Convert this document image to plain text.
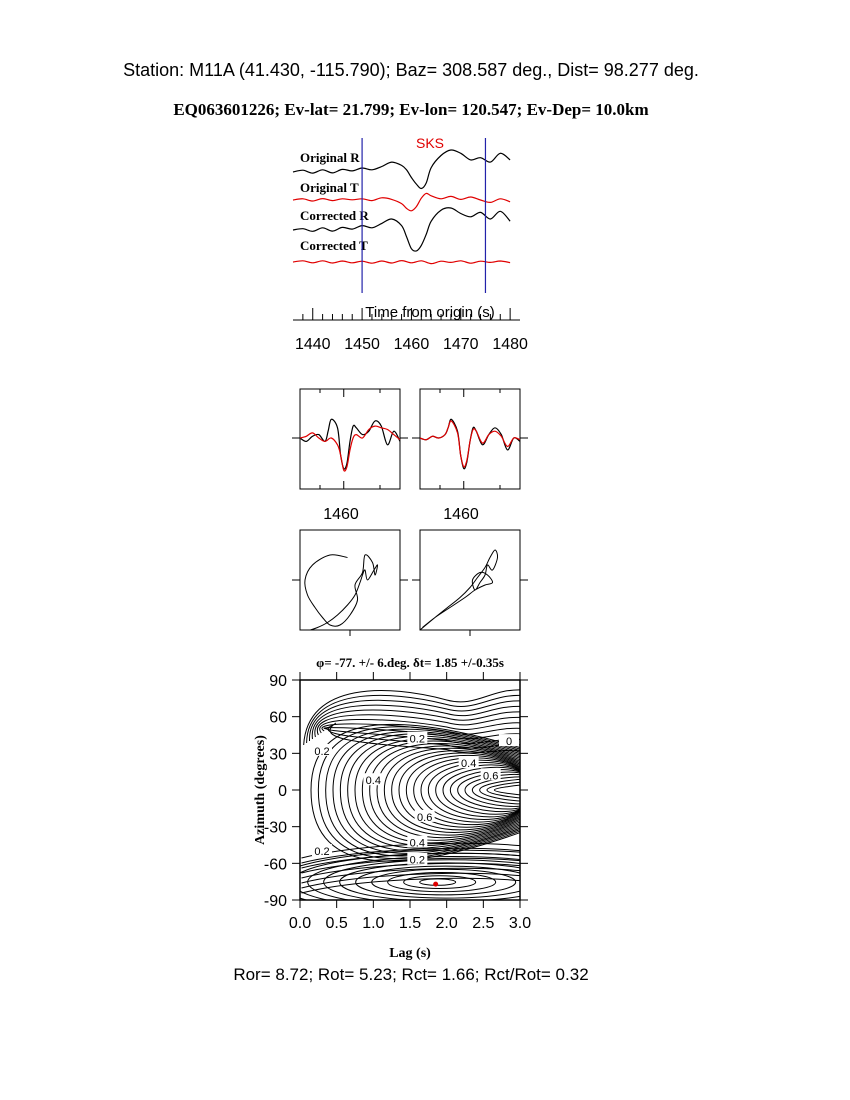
Station: M11A (41.430, -115.790); Baz= 308.587 deg., Dist= 98.277 deg.
EQ063601226; Ev-lat= 21.799; Ev-lon= 120.547; Ev-Dep= 10.0km
SKS
Original R
Original T
Corrected R
Corrected T
Time from origin (s)
1440 1450 1460 1470 1480
1460	1460
φ= -77. +/- 6.deg. δt= 1.85 +/-0.35s
0.0 0.5 1.0 1.5 2.0 2.5 3.0
90
60
30
0
-30
-60
-90
0.2
0.2	0
0.4
0.6
0.4
0.6
0.4
0.2
0.2
Lag (s)
Azimuth (degrees)
Ror= 8.72; Rot= 5.23; Rct= 1.66; Rct/Rot= 0.32
